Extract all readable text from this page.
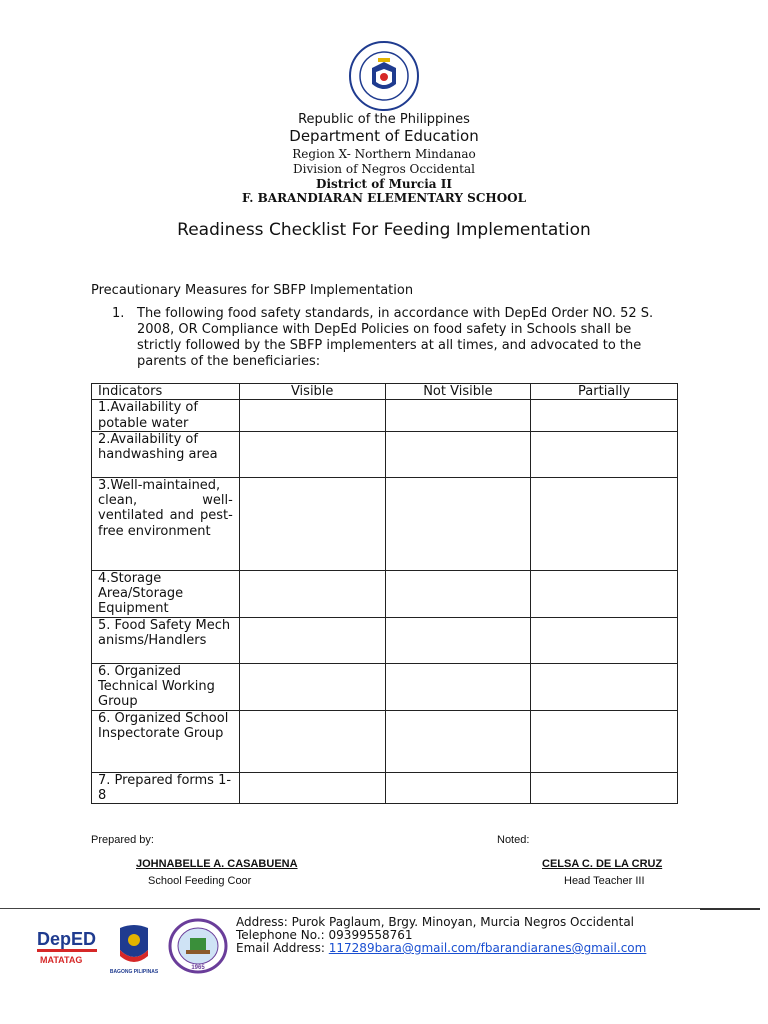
Republic of the Philippines
Department of Education
Region X- Northern Mindanao
Division of Negros Occidental
District of Murcia II
F. BARANDIARAN ELEMENTARY SCHOOL
Readiness Checklist For Feeding Implementation
Precautionary Measures for SBFP Implementation
1. The following food safety standards, in accordance with DepEd Order NO. 52 S. 2008, OR Compliance with DepEd Policies on food safety in Schools shall be strictly followed by the SBFP implementers at all times, and advocated to the parents of the beneficiaries:
Indicators	Visible	Not Visible	Partially
1.Availability of potable water			
2.Availability of handwashing area			
3.Well-maintained, clean, well-ventilated and pest-free environment			
4.Storage Area/Storage Equipment			
5. Food Safety Mechanisms/Handlers			
6. Organized Technical Working Group			
6. Organized School Inspectorate Group			
7. Prepared forms 1-8			
Prepared by:
JOHNABELLE A. CASABUENA
School Feeding Coor
Noted:
CELSA C. DE LA CRUZ
Head Teacher III
DepED
MATATAG
BAGONG PILIPINAS
1965
Address: Purok Paglaum, Brgy. Minoyan, Murcia Negros Occidental
Telephone No.: 09399558761
Email Address: 117289bara@gmail.com/fbarandiaranes@gmail.com
